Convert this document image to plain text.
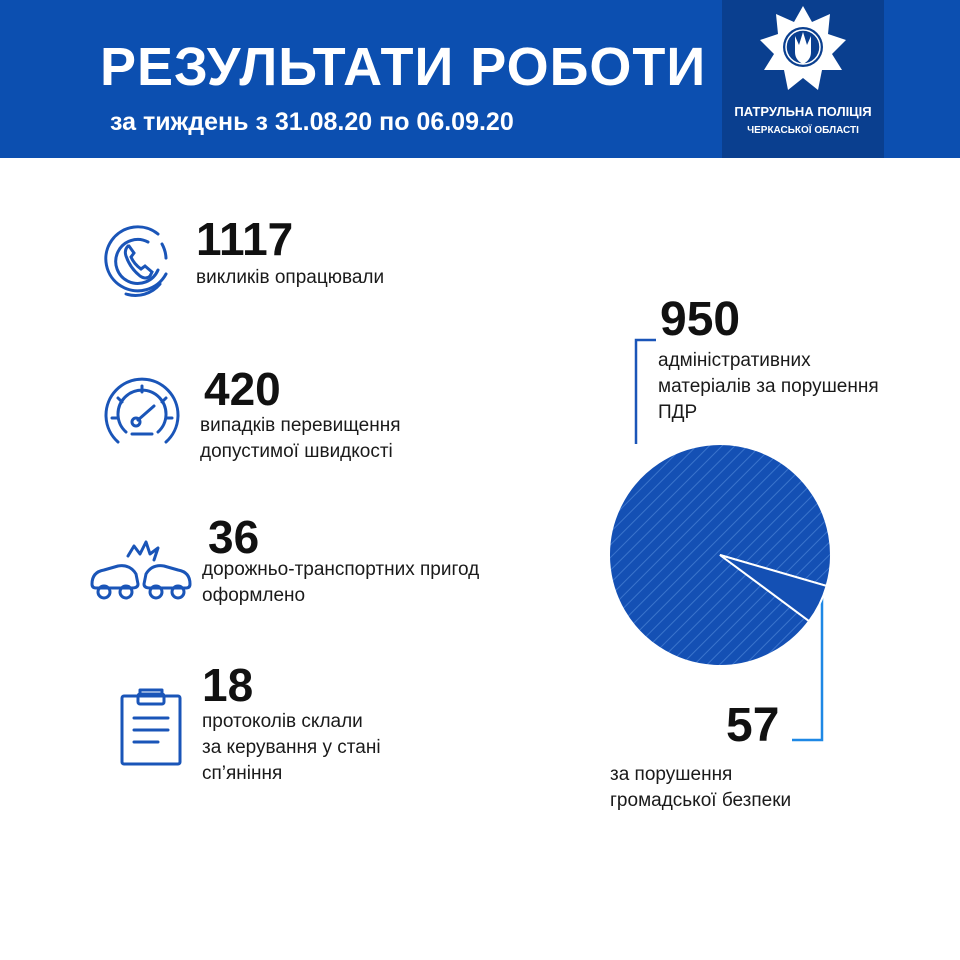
РЕЗУЛЬТАТИ РОБОТИ
за тиждень з 31.08.20 по 06.09.20	ПАТРУЛЬНА ПОЛІЦІЯ
ЧЕРКАСЬКОЇ ОБЛАСТІ
1117
викликів опрацювали
420
випадків перевищення
допустимої швидкості
36
дорожньо-транспортних пригод
оформлено
18
протоколів склали
за керування у стані
сп’яніння
950
адміністративних
матеріалів за порушення
ПДР
57
за порушення
громадської безпеки
